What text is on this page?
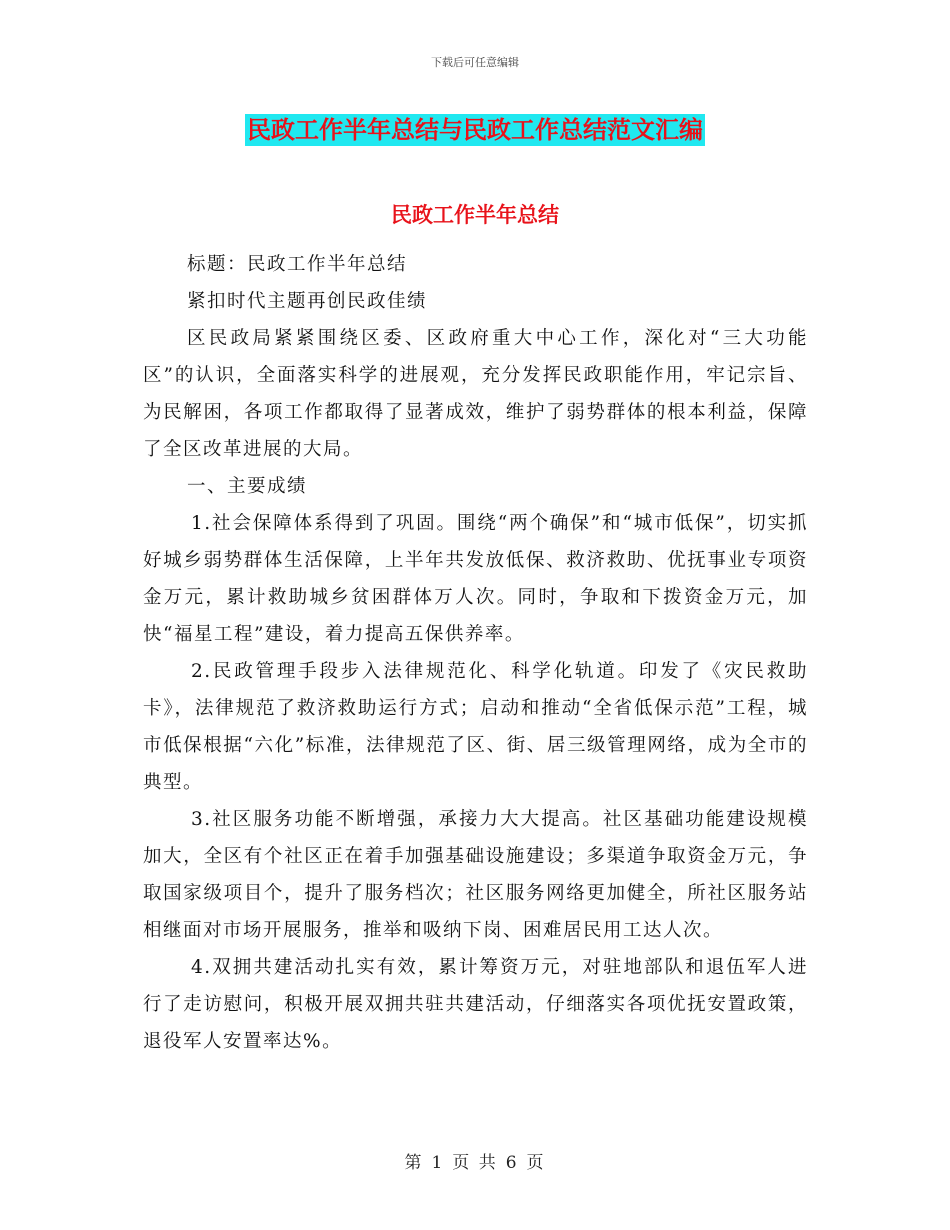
下载后可任意编辑
民政工作半年总结与民政工作总结范文汇编
民政工作半年总结

标题：民政工作半年总结

紧扣时代主题再创民政佳绩

区民政局紧紧围绕区委、区政府重大中心工作，深化对“三大功能区”的认识，全面落实科学的进展观，充分发挥民政职能作用，牢记宗旨、为民解困，各项工作都取得了显著成效，维护了弱势群体的根本利益，保障了全区改革进展的大局。

一、主要成绩

1.社会保障体系得到了巩固。围绕“两个确保”和“城市低保”，切实抓好城乡弱势群体生活保障，上半年共发放低保、救济救助、优抚事业专项资金万元，累计救助城乡贫困群体万人次。同时，争取和下拨资金万元，加快“福星工程”建设，着力提高五保供养率。

2.民政管理手段步入法律规范化、科学化轨道。印发了《灾民救助卡》，法律规范了救济救助运行方式；启动和推动“全省低保示范”工程，城市低保根据“六化”标准，法律规范了区、街、居三级管理网络，成为全市的典型。

3.社区服务功能不断增强，承接力大大提高。社区基础功能建设规模加大，全区有个社区正在着手加强基础设施建设；多渠道争取资金万元，争取国家级项目个，提升了服务档次；社区服务网络更加健全，所社区服务站相继面对市场开展服务，推举和吸纳下岗、困难居民用工达人次。

4.双拥共建活动扎实有效，累计筹资万元，对驻地部队和退伍军人进行了走访慰问，积极开展双拥共驻共建活动，仔细落实各项优抚安置政策，退役军人安置率达%。

第 1 页 共 6 页
